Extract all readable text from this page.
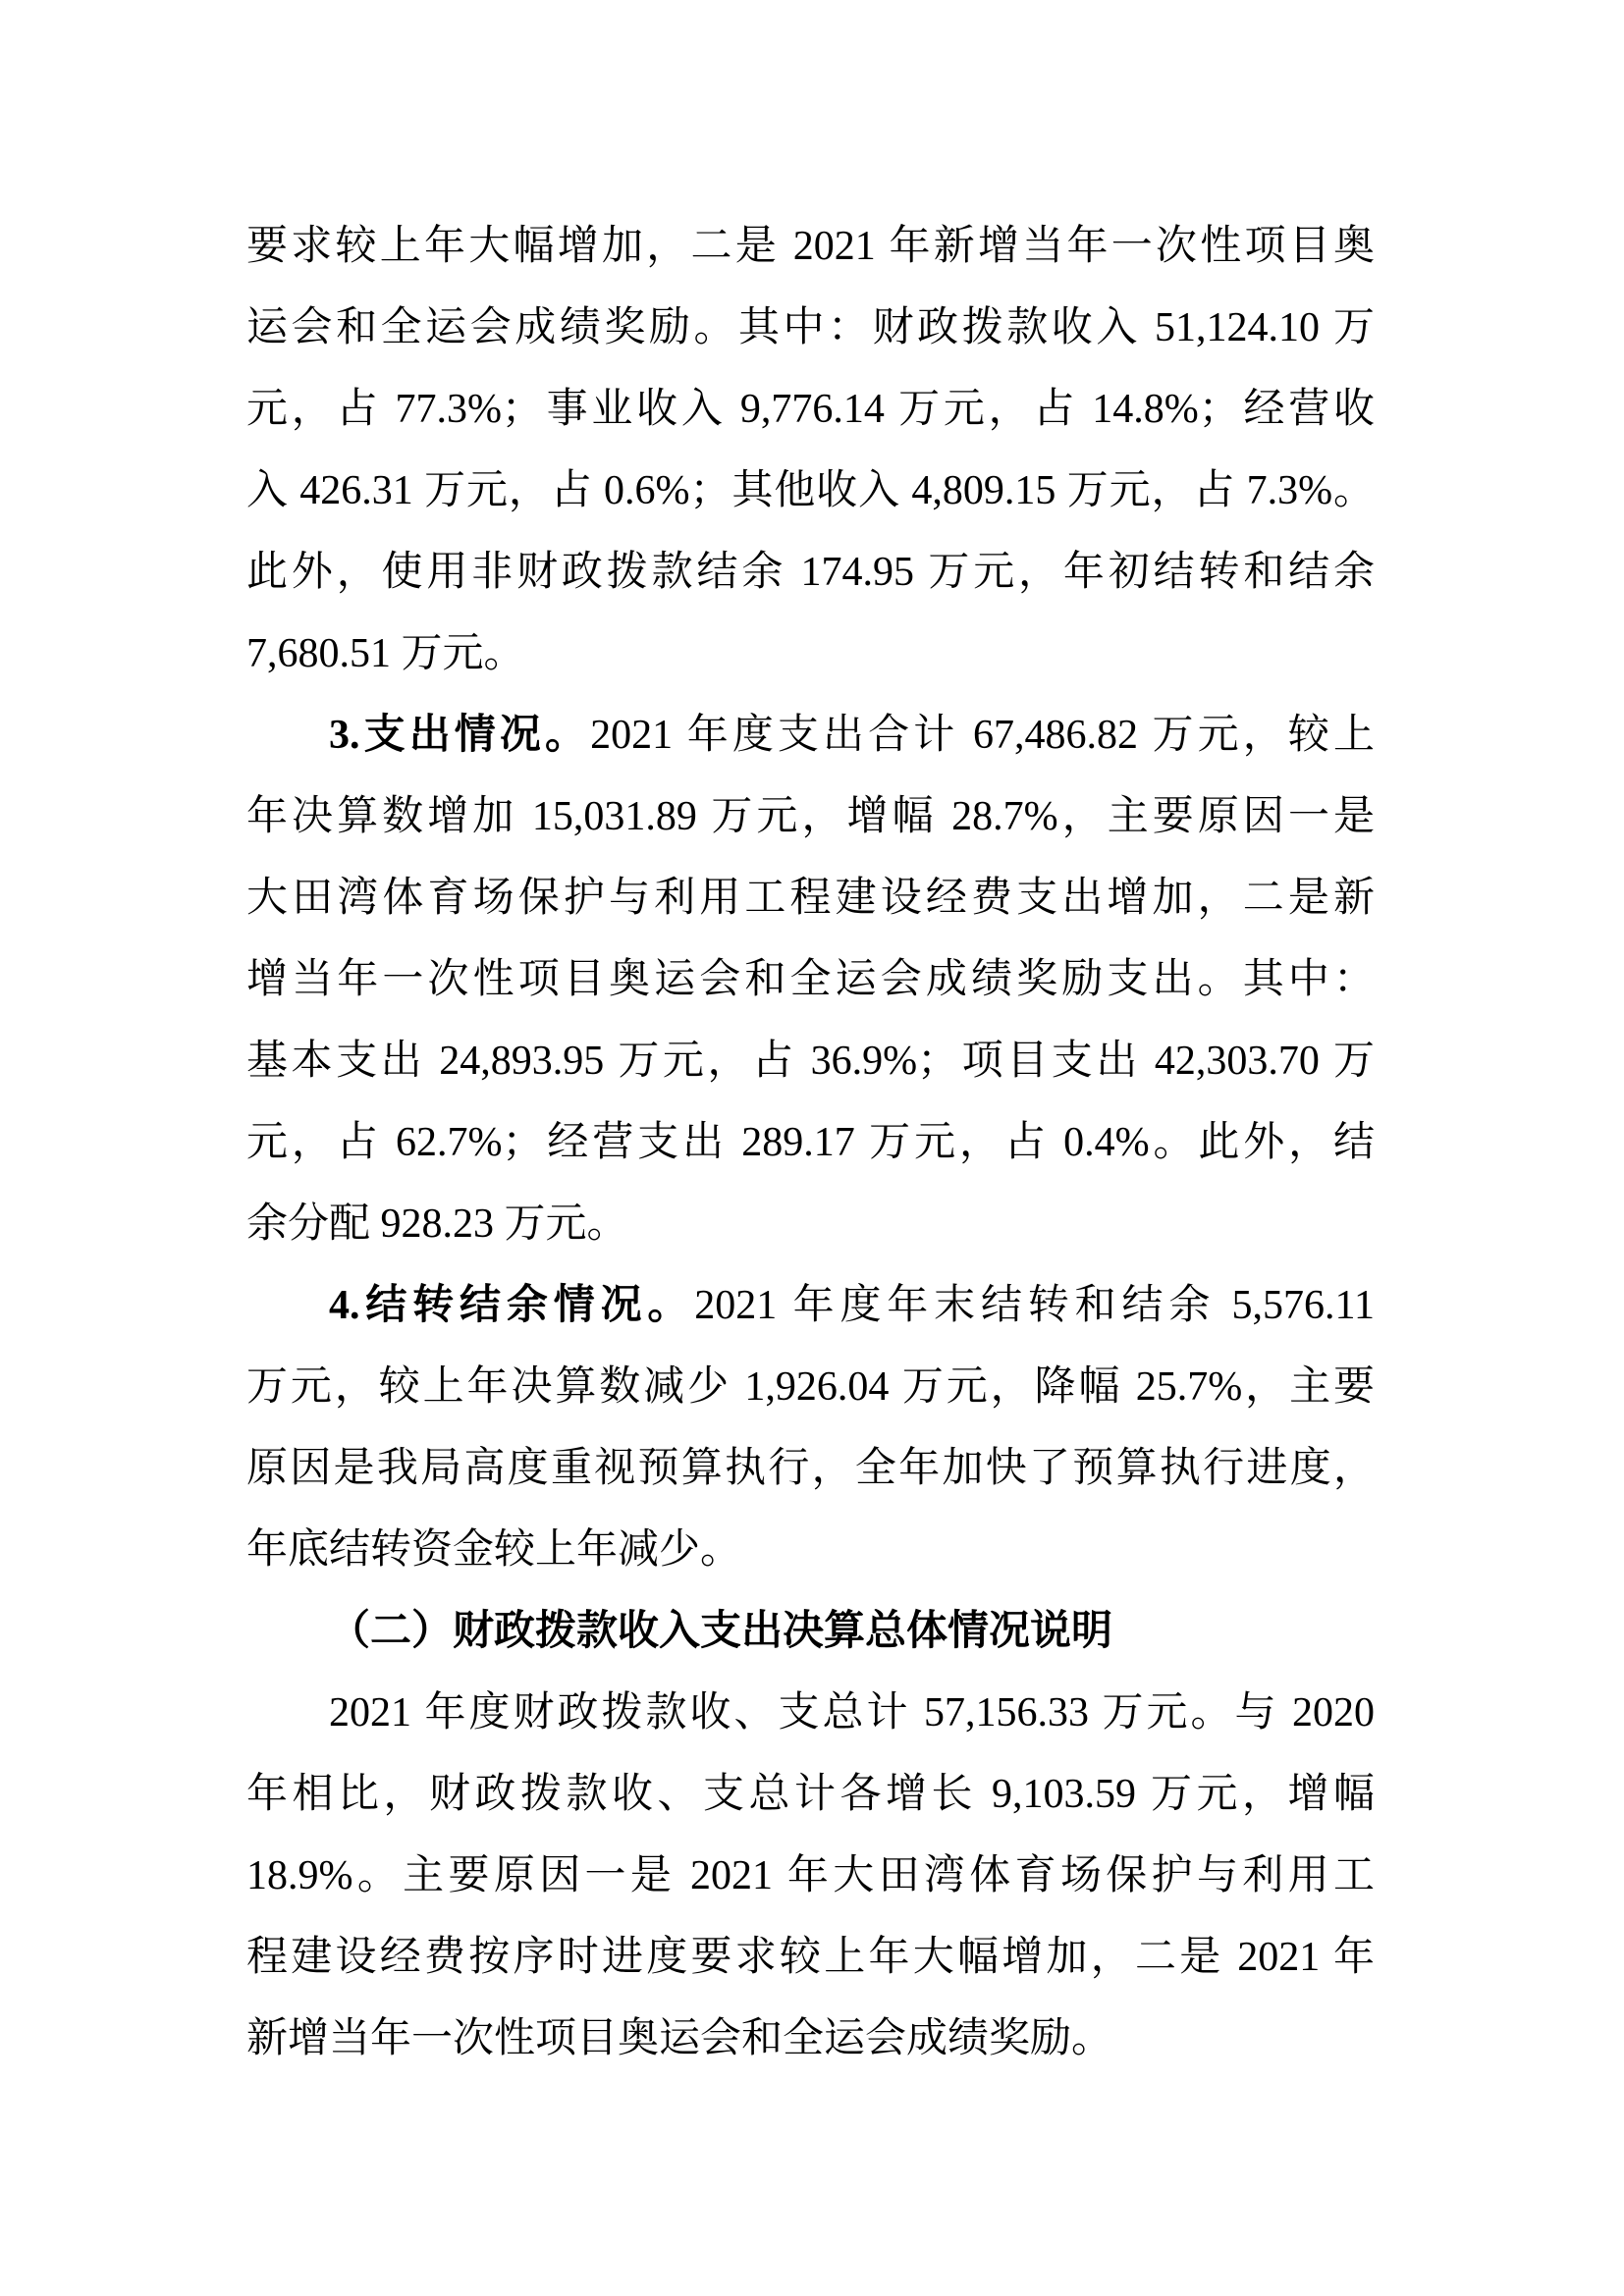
要求较上年大幅增加，二是 2021 年新增当年一次性项目奥
运会和全运会成绩奖励。其中：财政拨款收入 51,124.10 万
元，占 77.3%；事业收入 9,776.14 万元，占 14.8%；经营收
入 426.31 万元，占 0.6%；其他收入 4,809.15 万元，占 7.3%。
此外，使用非财政拨款结余 174.95 万元，年初结转和结余
7,680.51 万元。
3.支出情况。2021 年度支出合计 67,486.82 万元，较上
年决算数增加 15,031.89 万元，增幅 28.7%，主要原因一是
大田湾体育场保护与利用工程建设经费支出增加，二是新
增当年一次性项目奥运会和全运会成绩奖励支出。其中：
基本支出 24,893.95 万元，占 36.9%；项目支出 42,303.70 万
元，占 62.7%；经营支出 289.17 万元，占 0.4%。此外，结
余分配 928.23 万元。
4.结转结余情况。2021 年度年末结转和结余 5,576.11
万元，较上年决算数减少 1,926.04 万元，降幅 25.7%，主要
原因是我局高度重视预算执行，全年加快了预算执行进度，
年底结转资金较上年减少。
（二）财政拨款收入支出决算总体情况说明
2021 年度财政拨款收、支总计 57,156.33 万元。与 2020
年相比，财政拨款收、支总计各增长 9,103.59 万元，增幅
18.9%。主要原因一是 2021 年大田湾体育场保护与利用工
程建设经费按序时进度要求较上年大幅增加，二是 2021 年
新增当年一次性项目奥运会和全运会成绩奖励。
